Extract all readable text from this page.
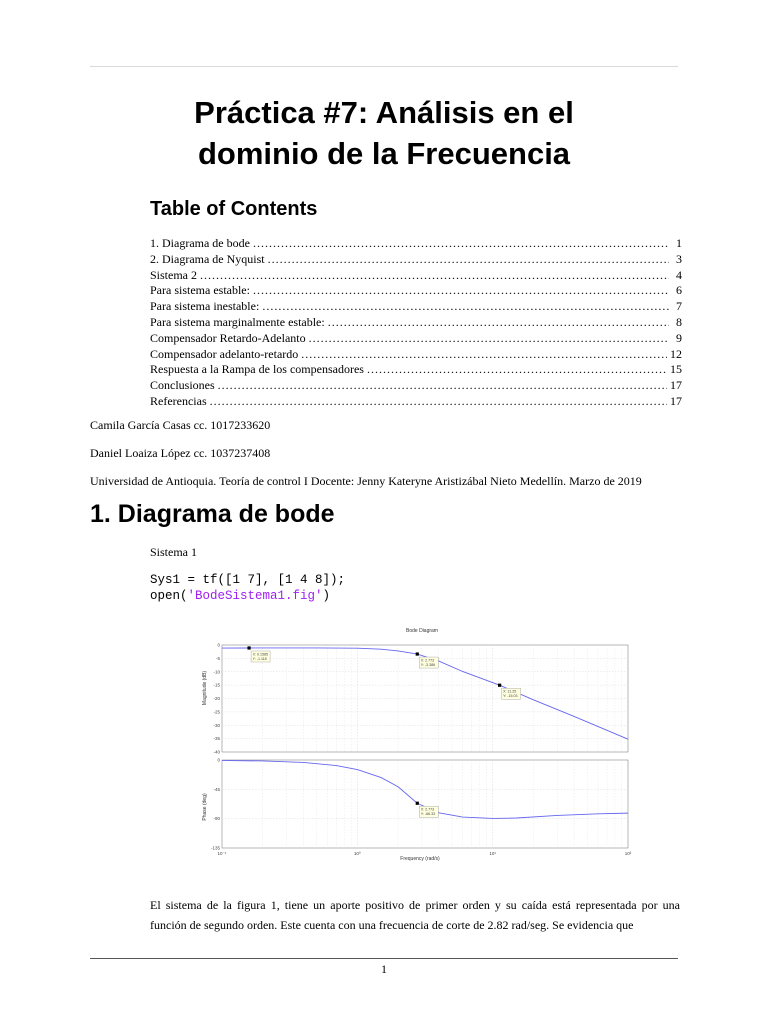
Práctica #7: Análisis en el dominio de la Frecuencia
Table of Contents
1. Diagrama de bode .....	1
2. Diagrama de Nyquist .....	3
Sistema 2 .....	4
Para sistema estable: .....	6
Para sistema inestable: .....	7
Para sistema marginalmente estable: .....	8
Compensador Retardo-Adelanto .....	9
Compensador adelanto-retardo .....	12
Respuesta a la Rampa de los compensadores .....	15
Conclusiones .....	17
Referencias .....	17

Camila García Casas cc. 1017233620

Daniel Loaiza López cc. 1037237408

Universidad de Antioquia. Teoría de control I Docente: Jenny Kateryne Aristizábal Nieto Medellín. Marzo de 2019

1. Diagrama de bode

Sistema 1

Sys1 = tf([1 7], [1 4 8]);
open('BodeSistema1.fig')
Bode Diagram
Frequency (rad/s)
Magnitude (dB)
Phase (deg)
0
-5
-10
-15
-20
-25
-30
-35
-40
0
-45
-90
-135
10⁻¹	10⁰	10¹	10²
X: 0.1585
Y: -1.118	X: 2.773
Y: -3.386
X: 11.25
Y: -15.03
X: 2.773
Y: -66.33

El sistema de la figura 1, tiene un aporte positivo de primer orden y su caída está representada por una función de segundo orden. Este cuenta con una frecuencia de corte de 2.82 rad/seg. Se evidencia que

1
